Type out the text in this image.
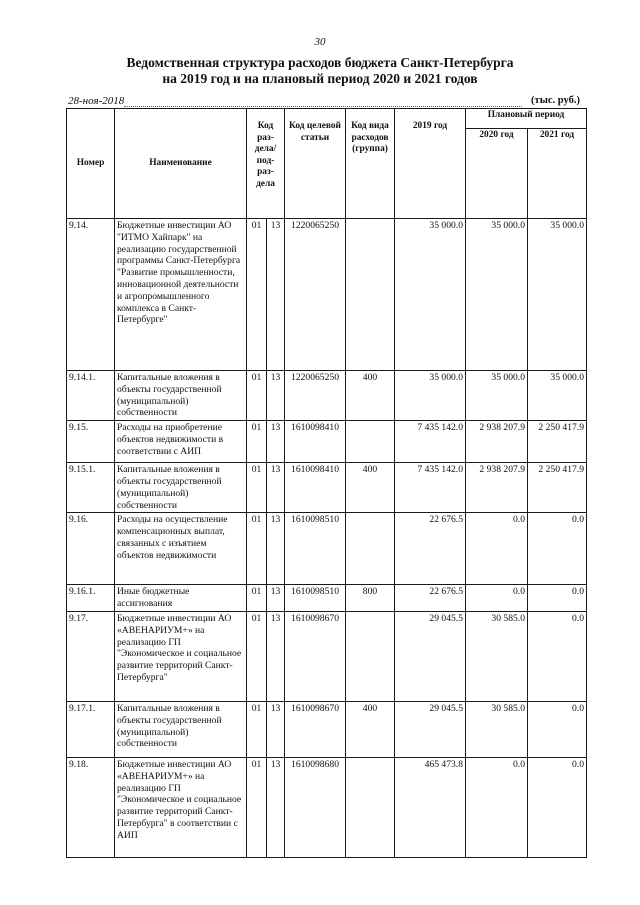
30
Ведомственная структура расходов бюджета Санкт-Петербурга
на 2019 год и на плановый период 2020 и 2021 годов
28-ноя-2018	(тыс. руб.)
Номер	Наименование	Код раз- дела/ под- раз- дела		Код целевой статьи	Код вида расходов (группа)	2019 год	Плановый период	
							2020 год	2021 год
9.14.	Бюджетные инвестиции АО "ИТМО Хайпарк" на реализацию государственной программы Санкт-Петербурга "Развитие промышленности, инновационной деятельности и агропромышленного комплекса в Санкт-Петербурге"	01	13	1220065250		35 000.0	35 000.0	35 000.0
9.14.1.	Капитальные вложения в объекты государственной (муниципальной) собственности	01	13	1220065250	400	35 000.0	35 000.0	35 000.0
9.15.	Расходы на приобретение объектов недвижимости в соответствии с АИП	01	13	1610098410		7 435 142.0	2 938 207.9	2 250 417.9
9.15.1.	Капитальные вложения в объекты государственной (муниципальной) собственности	01	13	1610098410	400	7 435 142.0	2 938 207.9	2 250 417.9
9.16.	Расходы на осуществление компенсационных выплат, связанных с изъятием объектов недвижимости	01	13	1610098510		22 676.5	0.0	0.0
9.16.1.	Иные бюджетные ассигнования	01	13	1610098510	800	22 676.5	0.0	0.0
9.17.	Бюджетные инвестиции АО «АВЕНАРИУМ+» на реализацию ГП "Экономическое и социальное развитие территорий Санкт-Петербурга"	01	13	1610098670		29 045.5	30 585.0	0.0
9.17.1.	Капитальные вложения в объекты государственной (муниципальной) собственности	01	13	1610098670	400	29 045.5	30 585.0	0.0
9.18.	Бюджетные инвестиции АО «АВЕНАРИУМ+» на реализацию ГП "Экономическое и социальное развитие территорий Санкт-Петербурга" в соответствии с АИП	01	13	1610098680		465 473.8	0.0	0.0
